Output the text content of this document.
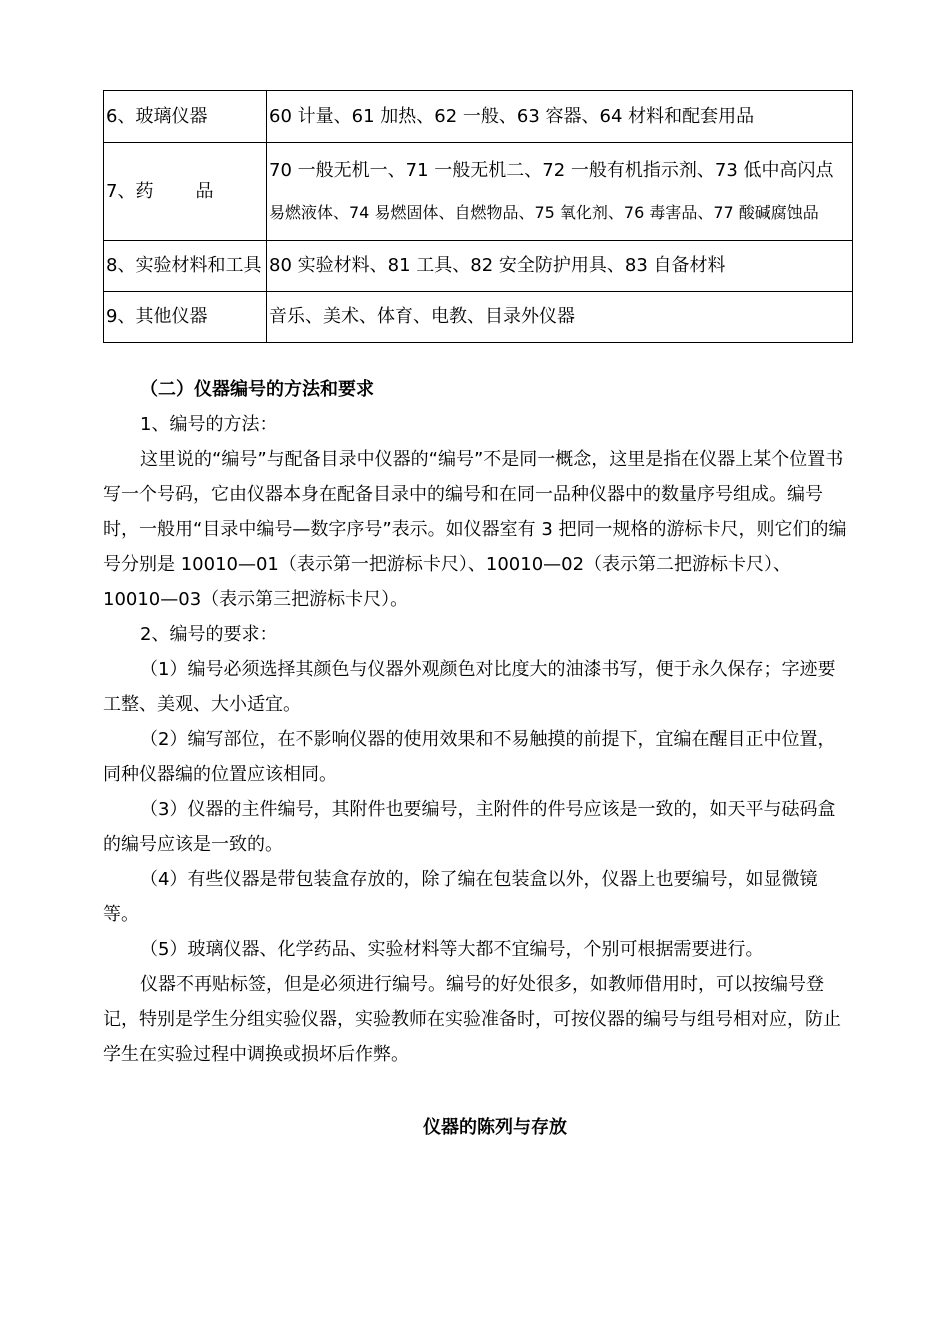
6、玻璃仪器	60 计量、61 加热、62 一般、63 容器、64 材料和配套用品
7、药 品	70 一般无机一、71 一般无机二、72 一般有机指示剂、73 低中高闪点
易燃液体、74 易燃固体、自燃物品、75 氧化剂、76 毒害品、77 酸碱腐蚀品

8、实验材料和工具	80 实验材料、81 工具、82 安全防护用具、83 自备材料
9、其他仪器	音乐、美术、体育、电教、目录外仪器
（二）仪器编号的方法和要求
1、编号的方法：
这里说的“编号”与配备目录中仪器的“编号”不是同一概念，这里是指在仪器上某个位置书写一个号码，它由仪器本身在配备目录中的编号和在同一品种仪器中的数量序号组成。编号时，一般用“目录中编号—数字序号”表示。如仪器室有 3 把同一规格的游标卡尺，则它们的编号分别是 10010—01（表示第一把游标卡尺）、10010—02（表示第二把游标卡尺）、10010—03（表示第三把游标卡尺）。
2、编号的要求：
（1）编号必须选择其颜色与仪器外观颜色对比度大的油漆书写，便于永久保存；字迹要工整、美观、大小适宜。
（2）编写部位，在不影响仪器的使用效果和不易触摸的前提下，宜编在醒目正中位置，同种仪器编的位置应该相同。
（3）仪器的主件编号，其附件也要编号，主附件的件号应该是一致的，如天平与砝码盒的编号应该是一致的。
（4）有些仪器是带包装盒存放的，除了编在包装盒以外，仪器上也要编号，如显微镜等。
（5）玻璃仪器、化学药品、实验材料等大都不宜编号，个别可根据需要进行。
仪器不再贴标签，但是必须进行编号。编号的好处很多，如教师借用时，可以按编号登记，特别是学生分组实验仪器，实验教师在实验准备时，可按仪器的编号与组号相对应，防止学生在实验过程中调换或损坏后作弊。
仪器的陈列与存放
